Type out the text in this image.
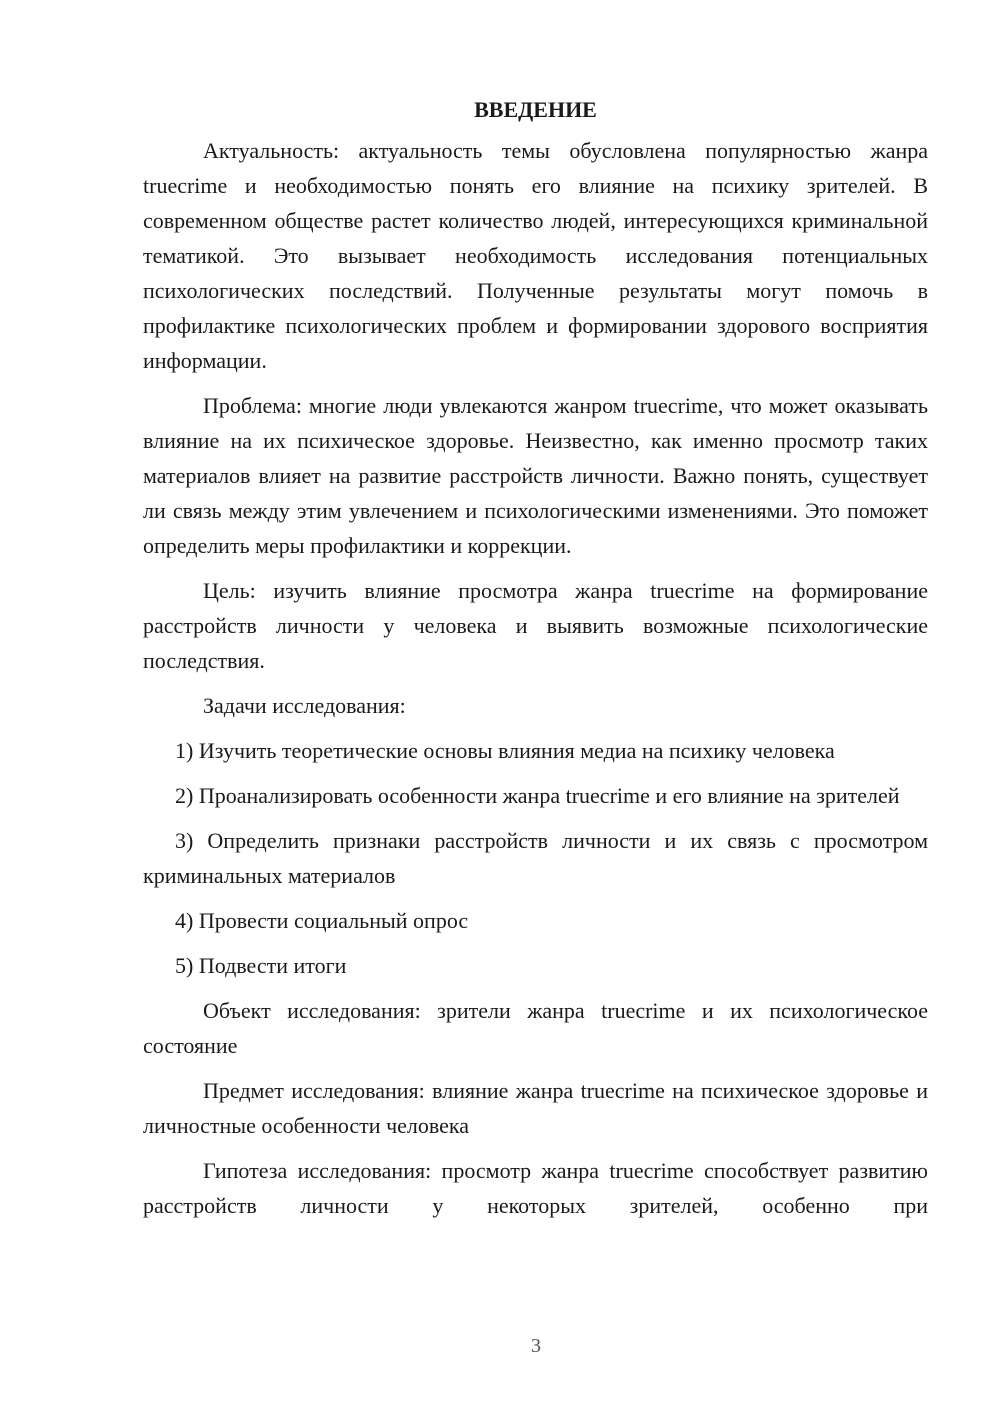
ВВЕДЕНИЕ

Актуальность: актуальность темы обусловлена популярностью жанра truecrime и необходимостью понять его влияние на психику зрителей. В современном обществе растет количество людей, интересующихся криминальной тематикой. Это вызывает необходимость исследования потенциальных психологических последствий. Полученные результаты могут помочь в профилактике психологических проблем и формировании здорового восприятия информации.

Проблема: многие люди увлекаются жанром truecrime, что может оказывать влияние на их психическое здоровье. Неизвестно, как именно просмотр таких материалов влияет на развитие расстройств личности. Важно понять, существует ли связь между этим увлечением и психологическими изменениями. Это поможет определить меры профилактики и коррекции.

Цель: изучить влияние просмотра жанра truecrime на формирование расстройств личности у человека и выявить возможные психологические последствия.

Задачи исследования:

1) Изучить теоретические основы влияния медиа на психику человека

2) Проанализировать особенности жанра truecrime и его влияние на зрителей

3) Определить признаки расстройств личности и их связь с просмотром криминальных материалов

4) Провести социальный опрос

5) Подвести итоги

Объект исследования: зрители жанра truecrime и их психологическое состояние

Предмет исследования: влияние жанра truecrime на психическое здоровье и личностные особенности человека

Гипотеза исследования: просмотр жанра truecrime способствует развитию расстройств личности у некоторых зрителей, особенно при

3
